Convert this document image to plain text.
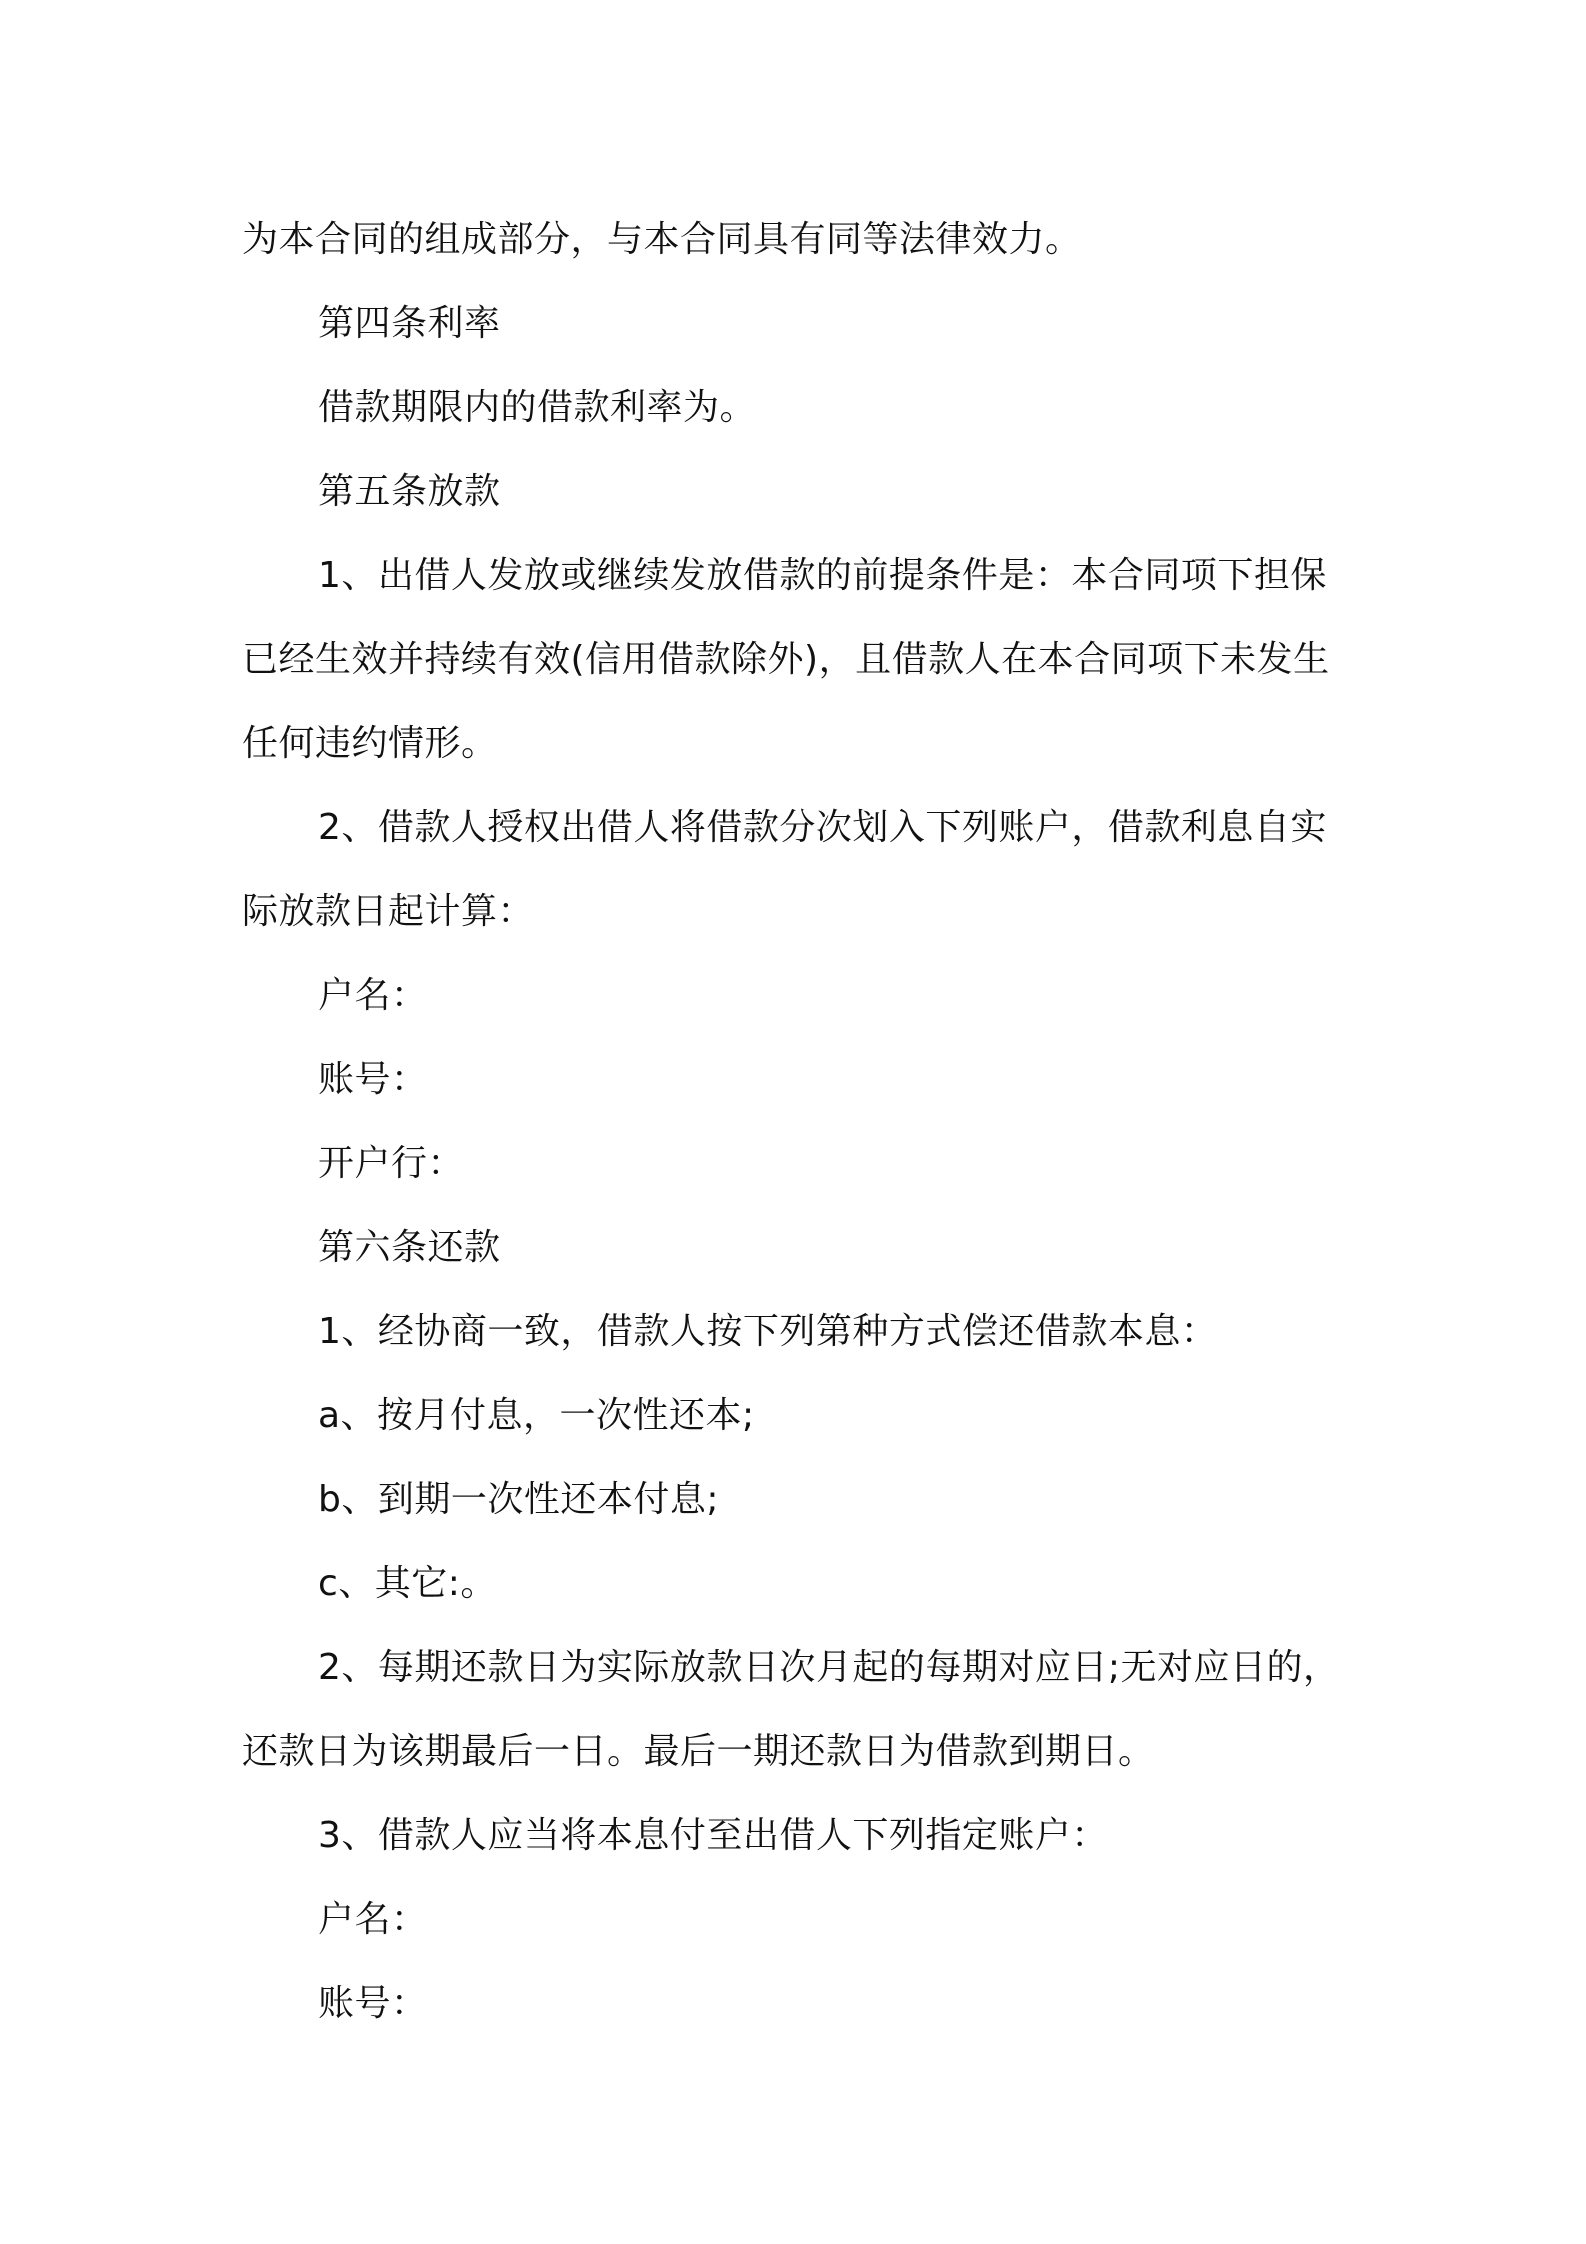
为本合同的组成部分，与本合同具有同等法律效力。
第四条利率
借款期限内的借款利率为。
第五条放款
1、出借人发放或继续发放借款的前提条件是：本合同项下担保
已经生效并持续有效(信用借款除外)，且借款人在本合同项下未发生
任何违约情形。
2、借款人授权出借人将借款分次划入下列账户，借款利息自实
际放款日起计算：
户名：
账号：
开户行：
第六条还款
1、经协商一致，借款人按下列第种方式偿还借款本息：
a、按月付息，一次性还本;
b、到期一次性还本付息;
c、其它:。
2、每期还款日为实际放款日次月起的每期对应日;无对应日的，
还款日为该期最后一日。最后一期还款日为借款到期日。
3、借款人应当将本息付至出借人下列指定账户：
户名：
账号：
